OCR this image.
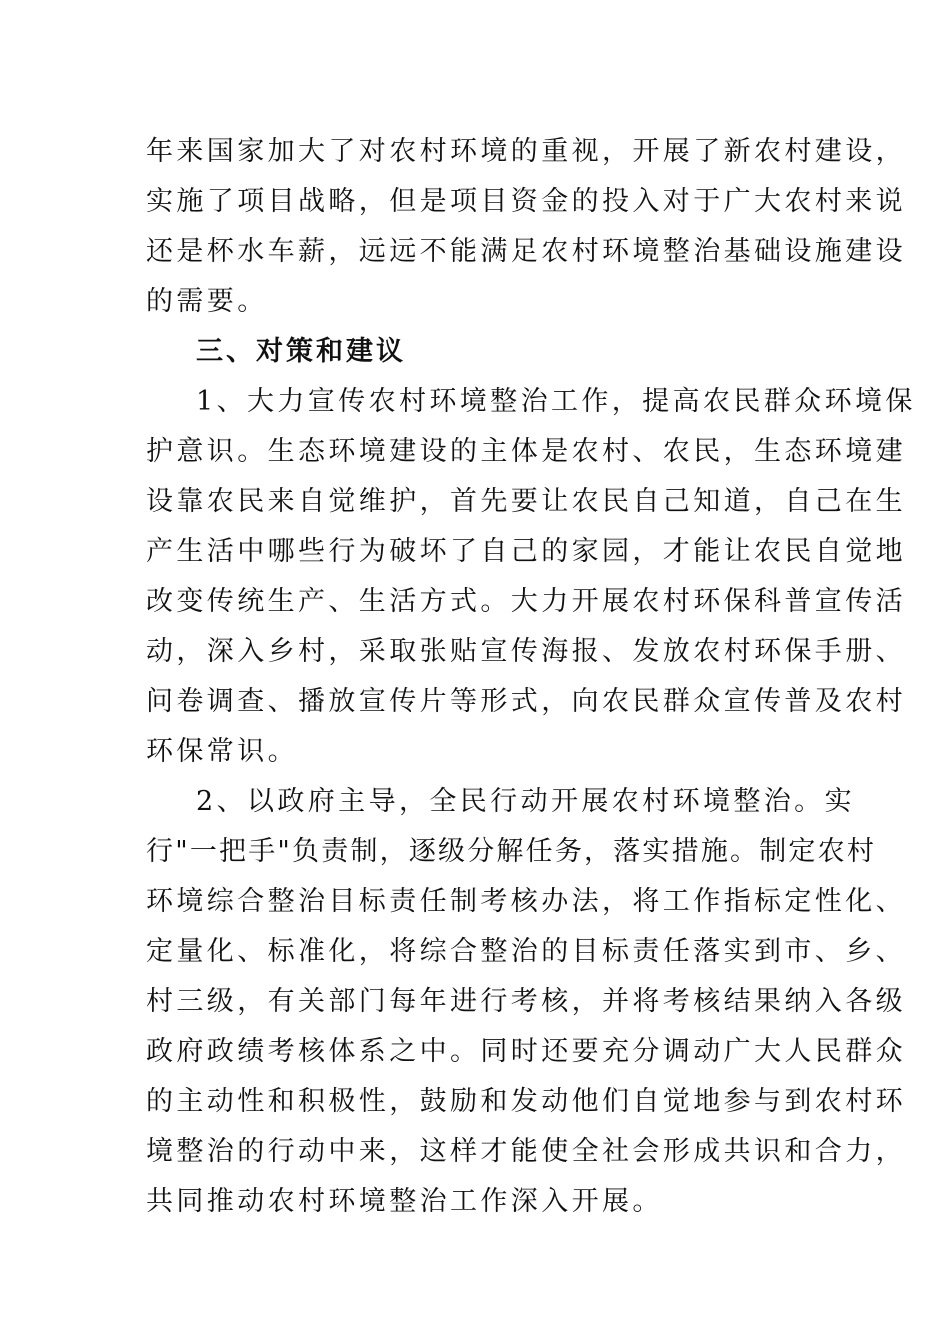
年来国家加大了对农村环境的重视，开展了新农村建设，
实施了项目战略，但是项目资金的投入对于广大农村来说
还是杯水车薪，远远不能满足农村环境整治基础设施建设
的需要。
三、对策和建议
1、大力宣传农村环境整治工作，提高农民群众环境保
护意识。生态环境建设的主体是农村、农民，生态环境建
设靠农民来自觉维护，首先要让农民自己知道，自己在生
产生活中哪些行为破坏了自己的家园，才能让农民自觉地
改变传统生产、生活方式。大力开展农村环保科普宣传活
动，深入乡村，采取张贴宣传海报、发放农村环保手册、
问卷调查、播放宣传片等形式，向农民群众宣传普及农村
环保常识。
2、以政府主导，全民行动开展农村环境整治。实
行"一把手"负责制，逐级分解任务，落实措施。制定农村
环境综合整治目标责任制考核办法，将工作指标定性化、
定量化、标准化，将综合整治的目标责任落实到市、乡、
村三级，有关部门每年进行考核，并将考核结果纳入各级
政府政绩考核体系之中。同时还要充分调动广大人民群众
的主动性和积极性，鼓励和发动他们自觉地参与到农村环
境整治的行动中来，这样才能使全社会形成共识和合力，
共同推动农村环境整治工作深入开展。
